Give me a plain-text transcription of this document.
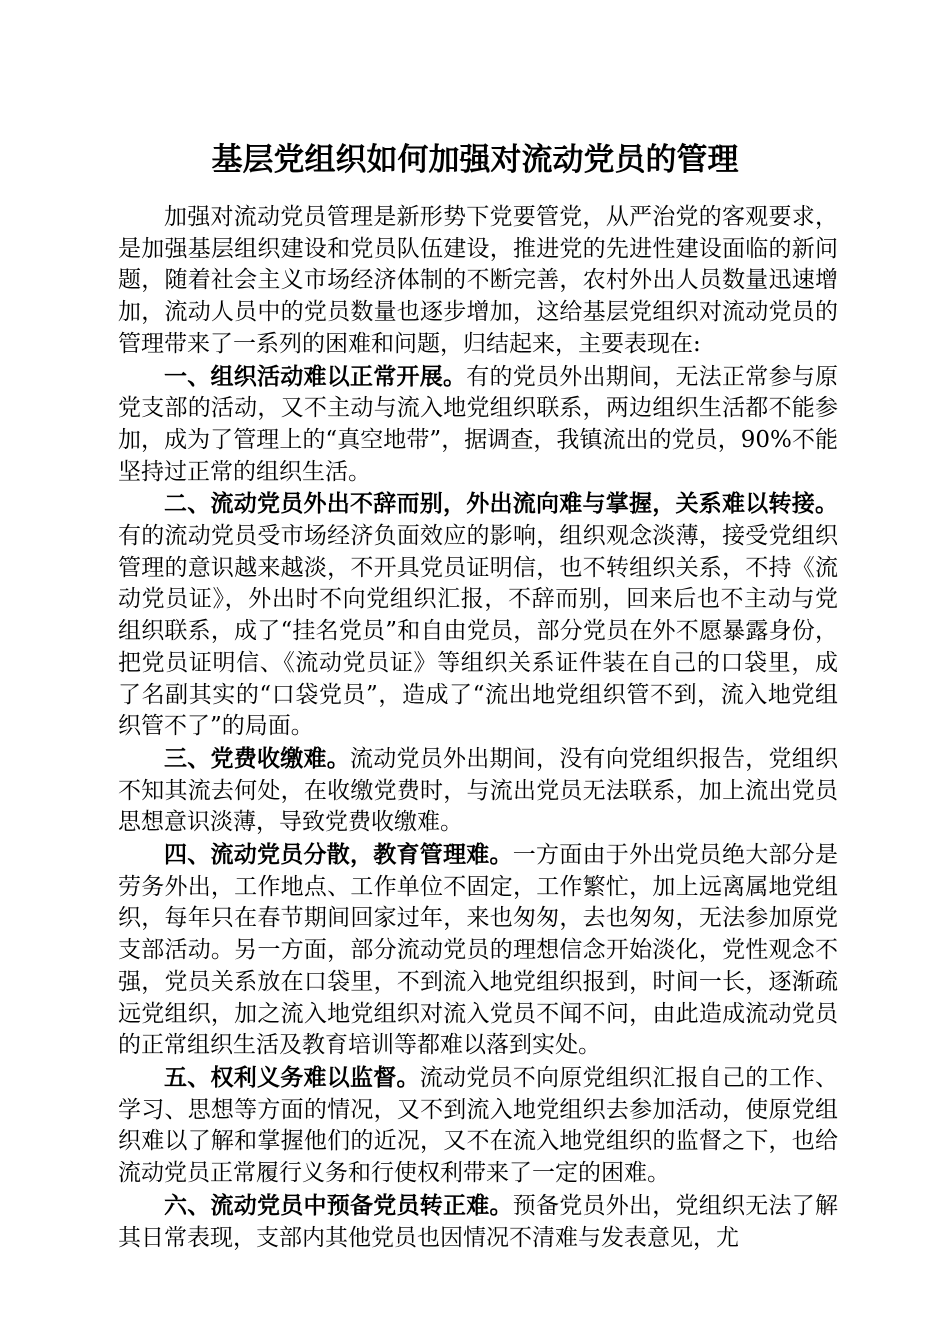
基层党组织如何加强对流动党员的管理

加强对流动党员管理是新形势下党要管党，从严治党的客观要求，是加强基层组织建设和党员队伍建设，推进党的先进性建设面临的新问题，随着社会主义市场经济体制的不断完善，农村外出人员数量迅速增加，流动人员中的党员数量也逐步增加，这给基层党组织对流动党员的管理带来了一系列的困难和问题，归结起来，主要表现在:

一、组织活动难以正常开展。有的党员外出期间，无法正常参与原党支部的活动，又不主动与流入地党组织联系，两边组织生活都不能参加，成为了管理上的“真空地带”，据调查，我镇流出的党员，90%不能坚持过正常的组织生活。

二、流动党员外出不辞而别，外出流向难与掌握，关系难以转接。有的流动党员受市场经济负面效应的影响，组织观念淡薄，接受党组织管理的意识越来越淡，不开具党员证明信，也不转组织关系，不持《流动党员证》，外出时不向党组织汇报，不辞而别，回来后也不主动与党组织联系，成了“挂名党员”和自由党员，部分党员在外不愿暴露身份，把党员证明信、《流动党员证》等组织关系证件装在自己的口袋里，成了名副其实的“口袋党员”，造成了“流出地党组织管不到，流入地党组织管不了”的局面。

三、党费收缴难。流动党员外出期间，没有向党组织报告，党组织不知其流去何处，在收缴党费时，与流出党员无法联系，加上流出党员思想意识淡薄，导致党费收缴难。

四、流动党员分散，教育管理难。一方面由于外出党员绝大部分是劳务外出，工作地点、工作单位不固定，工作繁忙，加上远离属地党组织，每年只在春节期间回家过年，来也匆匆，去也匆匆，无法参加原党支部活动。另一方面，部分流动党员的理想信念开始淡化，党性观念不强，党员关系放在口袋里，不到流入地党组织报到，时间一长，逐渐疏远党组织，加之流入地党组织对流入党员不闻不问，由此造成流动党员的正常组织生活及教育培训等都难以落到实处。

五、权利义务难以监督。流动党员不向原党组织汇报自己的工作、学习、思想等方面的情况，又不到流入地党组织去参加活动，使原党组织难以了解和掌握他们的近况，又不在流入地党组织的监督之下，也给流动党员正常履行义务和行使权利带来了一定的困难。

六、流动党员中预备党员转正难。预备党员外出，党组织无法了解其日常表现，支部内其他党员也因情况不清难与发表意见，尤
